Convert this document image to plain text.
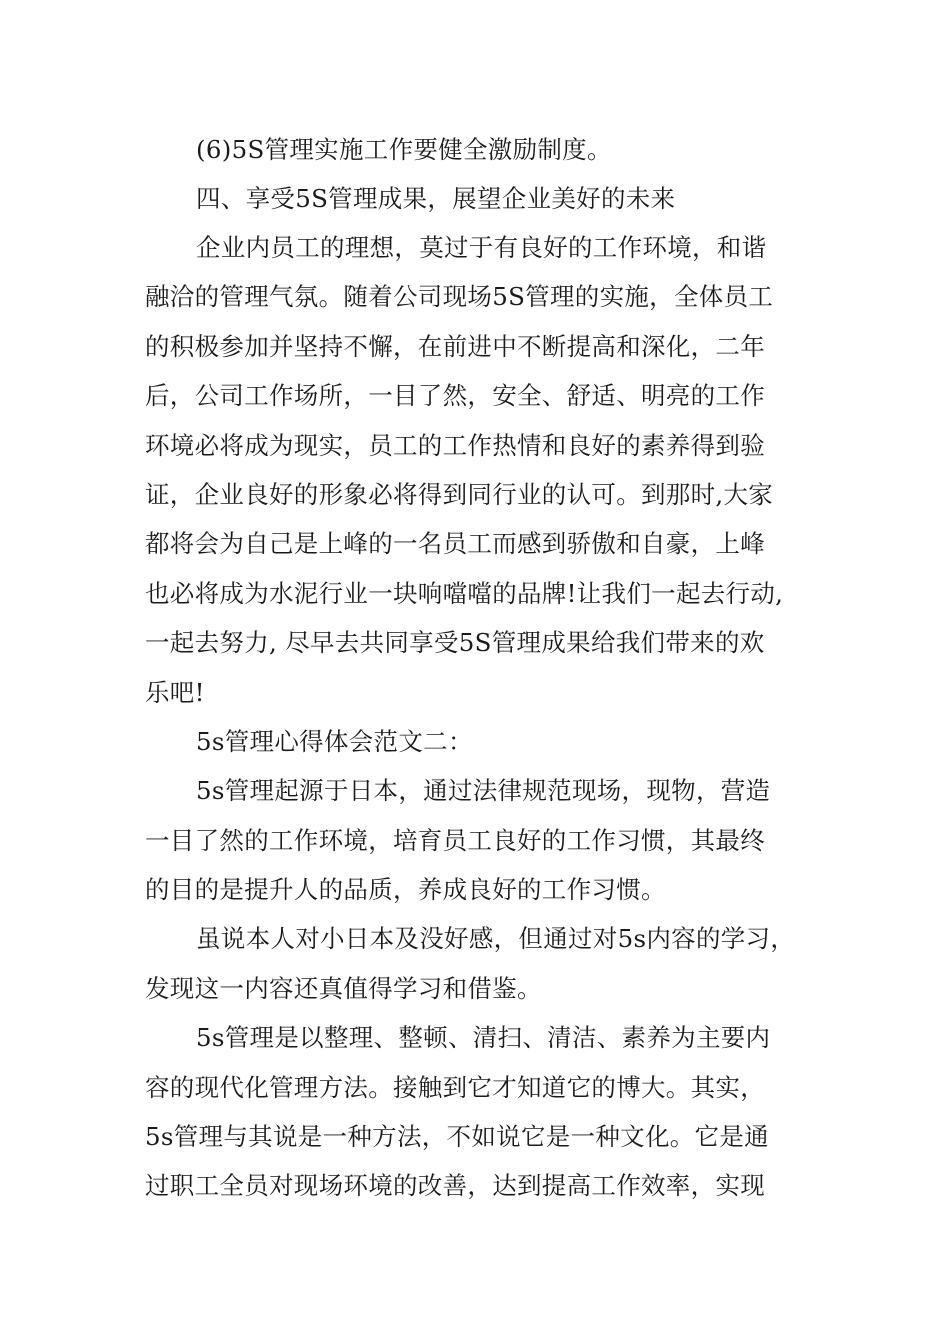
(6)5S管理实施工作要健全激励制度。
四、享受5S管理成果，展望企业美好的未来
企业内员工的理想，莫过于有良好的工作环境，和谐
融洽的管理气氛。随着公司现场5S管理的实施，全体员工
的积极参加并坚持不懈，在前进中不断提高和深化，二年
后，公司工作场所，一目了然，安全、舒适、明亮的工作
环境必将成为现实，员工的工作热情和良好的素养得到验
证，企业良好的形象必将得到同行业的认可。到那时,大家
都将会为自己是上峰的一名员工而感到骄傲和自豪，上峰
也必将成为水泥行业一块响噹噹的品牌!让我们一起去行动,
一起去努力, 尽早去共同享受5S管理成果给我们带来的欢
乐吧!
5s管理心得体会范文二：
5s管理起源于日本，通过法律规范现场，现物，营造
一目了然的工作环境，培育员工良好的工作习惯，其最终
的目的是提升人的品质，养成良好的工作习惯。
虽说本人对小日本及没好感，但通过对5s内容的学习，
发现这一内容还真值得学习和借鉴。
5s管理是以整理、整顿、清扫、清洁、素养为主要内
容的现代化管理方法。接触到它才知道它的博大。其实，
5s管理与其说是一种方法，不如说它是一种文化。它是通
过职工全员对现场环境的改善，达到提高工作效率，实现
